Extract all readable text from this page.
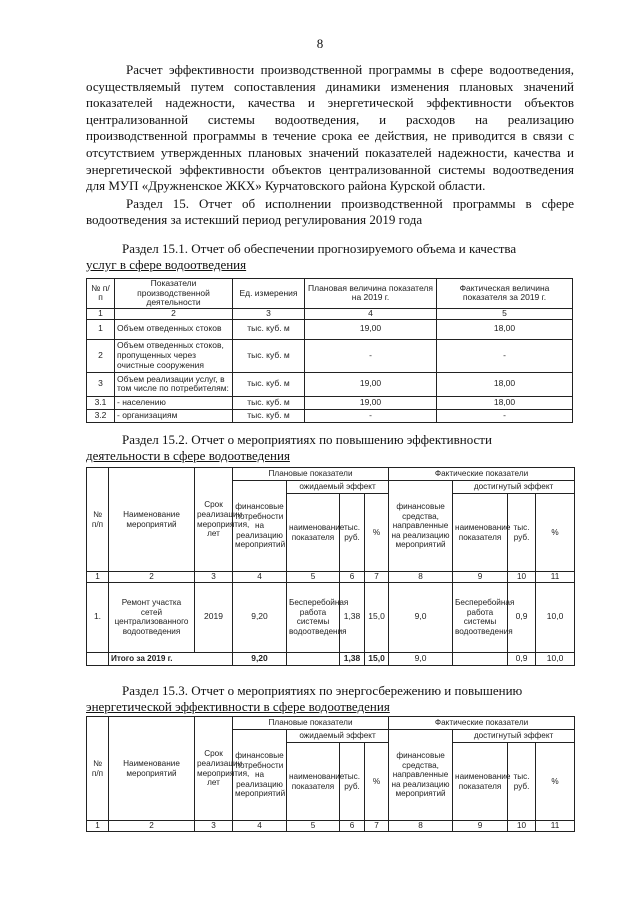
8

Расчет эффективности производственной программы в сфере водоотведения, осуществляемый путем сопоставления динамики изменения плановых значений показателей надежности, качества и энергетической эффективности объектов централизованной системы водоотведения, и расходов на реализацию производственной программы в течение срока ее действия, не приводится в связи с отсутствием утвержденных плановых значений показателей надежности, качества и энергетической эффективности объектов централизованной системы водоотведения для МУП «Дружненское ЖКХ» Курчатовского района Курской области.

Раздел 15. Отчет об исполнении производственной программы в сфере водоотведения за истекший период регулирования 2019 года

Раздел 15.1. Отчет об обеспечении прогнозируемого объема и качества
услуг в сфере водоотведения
№ п/п	Показатели производственной деятельности	Ед. измерения	Плановая величина показателя на 2019 г.	Фактическая величина показателя за 2019 г.
1	2	3	4	5
1	Объем отведенных стоков	тыс. куб. м	19,00	18,00
2	Объем отведенных стоков, пропущенных через очистные сооружения	тыс. куб. м	-	-
3	Объем реализации услуг, в том числе по потребителям:	тыс. куб. м	19,00	18,00
3.1	- населению	тыс. куб. м	19,00	18,00
3.2	- организациям	тыс. куб. м	-	-
Раздел 15.2. Отчет о мероприятиях по повышению эффективности
деятельности в сфере водоотведения
№ п/п	Наименование мероприятий	Срок реализации мероприятия, лет	Плановые показатели				Фактические показатели			
			финансовые потребности на реализацию мероприятий	ожидаемый эффект			финансовые средства, направленные на реализацию мероприятий	достигнутый эффект		
				наименование показателя	тыс. руб.	%		наименование показателя	тыс. руб.	%
1	2	3	4	5	6	7	8	9	10	11
1.	Ремонт участка сетей централизованного водоотведения	2019	9,20	Бесперебойная работа системы водоотведения	1,38	15,0	9,0	Бесперебойная работа системы водоотведения	0,9	10,0
	Итого за 2019 г.		9,20		1,38	15,0	9,0		0,9	10,0
Раздел 15.3. Отчет о мероприятиях по энергосбережению и повышению
энергетической эффективности в сфере водоотведения
№ п/п	Наименование мероприятий	Срок реализации мероприятия, лет	Плановые показатели				Фактические показатели			
			финансовые потребности на реализацию мероприятий	ожидаемый эффект			финансовые средства, направленные на реализацию мероприятий	достигнутый эффект		
				наименование показателя	тыс. руб.	%		наименование показателя	тыс. руб.	%
1	2	3	4	5	6	7	8	9	10	11
